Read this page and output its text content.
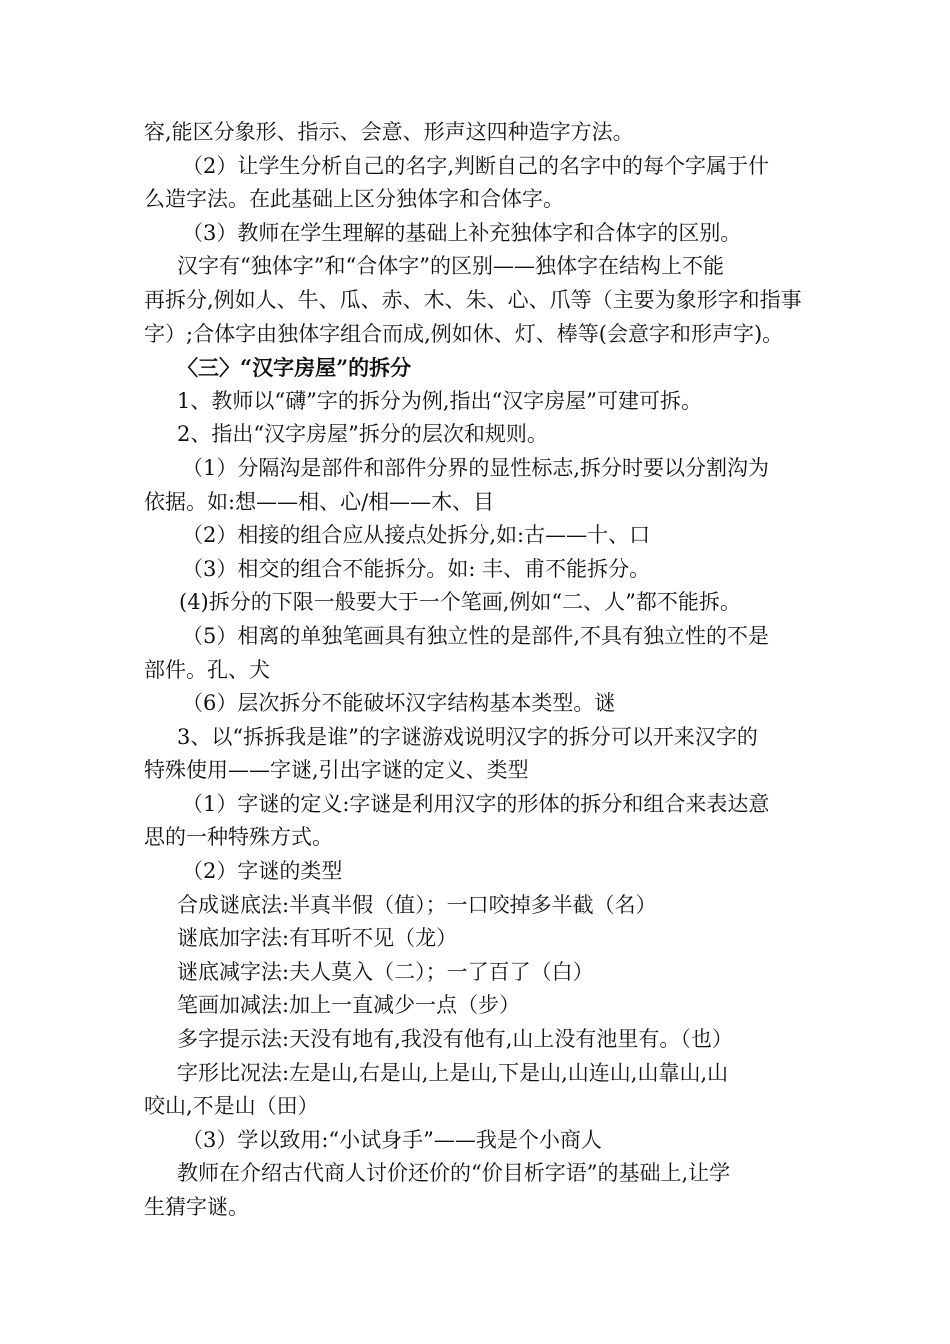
容,能区分象形、指示、会意、形声这四种造字方法。
（2）让学生分析自己的名字,判断自己的名字中的每个字属于什
么造字法。在此基础上区分独体字和合体字。
（3）教师在学生理解的基础上补充独体字和合体字的区别。
汉字有“独体字”和“合体字”的区别——独体字在结构上不能
再拆分,例如人、牛、瓜、赤、木、朱、心、爪等（主要为象形字和指事
字）;合体字由独体字组合而成,例如休、灯、棒等(会意字和形声字)。
〈三〉“汉字房屋”的拆分
1、教师以“礴”字的拆分为例,指出“汉字房屋”可建可拆。
2、指出“汉字房屋”拆分的层次和规则。
（1）分隔沟是部件和部件分界的显性标志,拆分时要以分割沟为
依据。如:想——相、心/相——木、目
（2）相接的组合应从接点处拆分,如:古——十、口
（3）相交的组合不能拆分。如: 丰、甫不能拆分。
(4)拆分的下限一般要大于一个笔画,例如“二、人”都不能拆。
（5）相离的单独笔画具有独立性的是部件,不具有独立性的不是
部件。孔、犬
（6）层次拆分不能破坏汉字结构基本类型。谜
3、以“拆拆我是谁”的字谜游戏说明汉字的拆分可以开来汉字的
特殊使用——字谜,引出字谜的定义、类型
（1）字谜的定义:字谜是利用汉字的形体的拆分和组合来表达意
思的一种特殊方式。
（2）字谜的类型
合成谜底法:半真半假（值）；一口咬掉多半截（名）
谜底加字法:有耳听不见（龙）
谜底减字法:夫人莫入（二）；一了百了（白）
笔画加减法:加上一直减少一点（步）
多字提示法:天没有地有,我没有他有,山上没有池里有。（也）
字形比况法:左是山,右是山,上是山,下是山,山连山,山靠山,山
咬山,不是山（田）
（3）学以致用:“小试身手”——我是个小商人
教师在介绍古代商人讨价还价的“价目析字语”的基础上,让学
生猜字谜。
